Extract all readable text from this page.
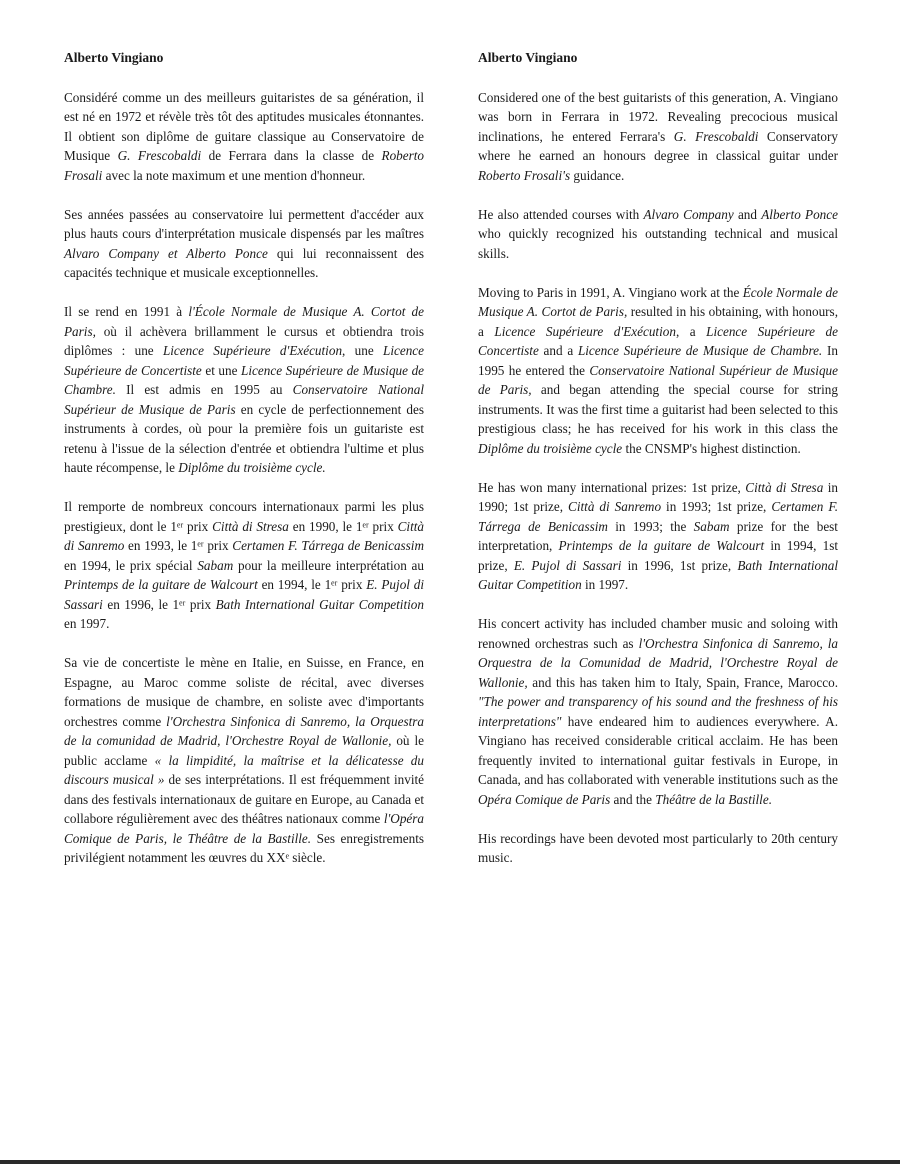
Alberto Vingiano

Considéré comme un des meilleurs guitaristes de sa génération, il est né en 1972 et révèle très tôt des aptitudes musicales étonnantes. Il obtient son diplôme de guitare classique au Conservatoire de Musique G. Frescobaldi de Ferrara dans la classe de Roberto Frosali avec la note maximum et une mention d'honneur.

Ses années passées au conservatoire lui permettent d'accéder aux plus hauts cours d'interprétation musicale dispensés par les maîtres Alvaro Company et Alberto Ponce qui lui reconnaissent des capacités technique et musicale exceptionnelles.

Il se rend en 1991 à l'École Normale de Musique A. Cortot de Paris, où il achèvera brillamment le cursus et obtiendra trois diplômes : une Licence Supérieure d'Exécution, une Licence Supérieure de Concertiste et une Licence Supérieure de Musique de Chambre. Il est admis en 1995 au Conservatoire National Supérieur de Musique de Paris en cycle de perfectionnement des instruments à cordes, où pour la première fois un guitariste est retenu à l'issue de la sélection d'entrée et obtiendra l'ultime et plus haute récompense, le Diplôme du troisième cycle.

Il remporte de nombreux concours internationaux parmi les plus prestigieux, dont le 1ᵉʳ prix Città di Stresa en 1990, le 1ᵉʳ prix Città di Sanremo en 1993, le 1ᵉʳ prix Certamen F. Tárrega de Benicassim en 1994, le prix spécial Sabam pour la meilleure interprétation au Printemps de la guitare de Walcourt en 1994, le 1ᵉʳ prix E. Pujol di Sassari en 1996, le 1ᵉʳ prix Bath International Guitar Competition en 1997.

Sa vie de concertiste le mène en Italie, en Suisse, en France, en Espagne, au Maroc comme soliste de récital, avec diverses formations de musique de chambre, en soliste avec d'importants orchestres comme l'Orchestra Sinfonica di Sanremo, la Orquestra de la comunidad de Madrid, l'Orchestre Royal de Wallonie, où le public acclame « la limpidité, la maîtrise et la délicatesse du discours musical » de ses interprétations. Il est fréquemment invité dans des festivals internationaux de guitare en Europe, au Canada et collabore régulièrement avec des théâtres nationaux comme l'Opéra Comique de Paris, le Théâtre de la Bastille. Ses enregistrements privilégient notamment les œuvres du XXᵉ siècle.

Alberto Vingiano

Considered one of the best guitarists of this generation, A. Vingiano was born in Ferrara in 1972. Revealing precocious musical inclinations, he entered Ferrara's G. Frescobaldi Conservatory where he earned an honours degree in classical guitar under Roberto Frosali's guidance.

He also attended courses with Alvaro Company and Alberto Ponce who quickly recognized his outstanding technical and musical skills.

Moving to Paris in 1991, A. Vingiano work at the École Normale de Musique A. Cortot de Paris, resulted in his obtaining, with honours, a Licence Supérieure d'Exécution, a Licence Supérieure de Concertiste and a Licence Supérieure de Musique de Chambre. In 1995 he entered the Conservatoire National Supérieur de Musique de Paris, and began attending the special course for string instruments. It was the first time a guitarist had been selected to this prestigious class; he has received for his work in this class the Diplôme du troisième cycle the CNSMP's highest distinction.

He has won many international prizes: 1st prize, Città di Stresa in 1990; 1st prize, Città di Sanremo in 1993; 1st prize, Certamen F. Tárrega de Benicassim in 1993; the Sabam prize for the best interpretation, Printemps de la guitare de Walcourt in 1994, 1st prize, E. Pujol di Sassari in 1996, 1st prize, Bath International Guitar Competition in 1997.

His concert activity has included chamber music and soloing with renowned orchestras such as l'Orchestra Sinfonica di Sanremo, la Orquestra de la Comunidad de Madrid, l'Orchestre Royal de Wallonie, and this has taken him to Italy, Spain, France, Marocco. "The power and transparency of his sound and the freshness of his interpretations" have endeared him to audiences everywhere. A. Vingiano has received considerable critical acclaim. He has been frequently invited to international guitar festivals in Europe, in Canada, and has collaborated with venerable institutions such as the Opéra Comique de Paris and the Théâtre de la Bastille.

His recordings have been devoted most particularly to 20th century music.
